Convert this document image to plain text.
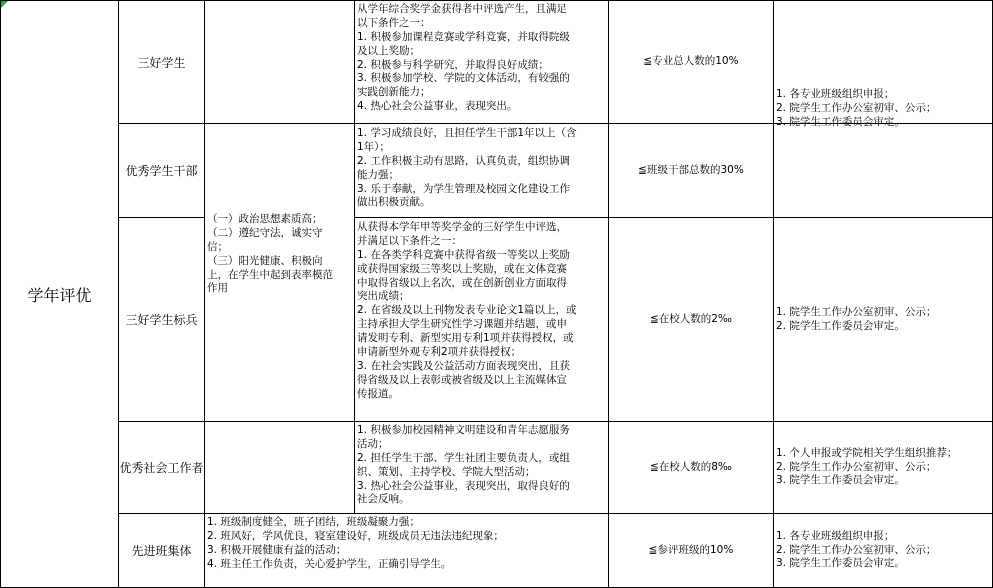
学年评优
三好学生
优秀学生干部
三好学生标兵
优秀社会工作者
先进班集体
（一）政治思想素质高；
（二）遵纪守法，诚实守
信；
（三）阳光健康、积极向
上，在学生中起到表率模范
作用
从学年综合奖学金获得者中评选产生，且满足
以下条件之一：
1. 积极参加课程竞赛或学科竞赛，并取得院级
及以上奖励；
2. 积极参与科学研究，并取得良好成绩；
3. 积极参加学校、学院的文体活动，有较强的
实践创新能力；
4. 热心社会公益事业，表现突出。
1. 学习成绩良好，且担任学生干部1年以上（含
1年）；
2. 工作积极主动有思路，认真负责，组织协调
能力强；
3. 乐于奉献，为学生管理及校园文化建设工作
做出积极贡献。
从获得本学年甲等奖学金的三好学生中评选，
并满足以下条件之一：
1. 在各类学科竞赛中获得省级一等奖以上奖励
或获得国家级三等奖以上奖励，或在文体竞赛
中取得省级以上名次，或在创新创业方面取得
突出成绩；
2. 在省级及以上刊物发表专业论文1篇以上，或
主持承担大学生研究性学习课题并结题，或申
请发明专利、新型实用专利1项并获得授权，或
申请新型外观专利2项并获得授权；
3. 在社会实践及公益活动方面表现突出，且获
得省级及以上表彰或被省级及以上主流媒体宣
传报道。
1. 积极参加校园精神文明建设和青年志愿服务
活动；
2. 担任学生干部、学生社团主要负责人，或组
织、策划、主持学校、学院大型活动；
3. 热心社会公益事业，表现突出，取得良好的
社会反响。
1. 班级制度健全，班子团结，班级凝聚力强；
2. 班风好，学风优良，寝室建设好，班级成员无违法违纪现象；
3. 积极开展健康有益的活动；
4. 班主任工作负责，关心爱护学生，正确引导学生。
≦专业总人数的10%
≦班级干部总数的30%
≦在校人数的2‰
≦在校人数的8‰
≦参评班级的10%
1. 各专业班级组织申报；
2. 院学生工作办公室初审、公示；
3. 院学生工作委员会审定。
1. 院学生工作办公室初审、公示；
2. 院学生工作委员会审定。
1. 个人申报或学院相关学生组织推荐；
2. 院学生工作办公室初审、公示；
3. 院学生工作委员会审定。
1. 各专业班级组织申报；
2. 院学生工作办公室初审、公示；
3. 院学生工作委员会审定。
